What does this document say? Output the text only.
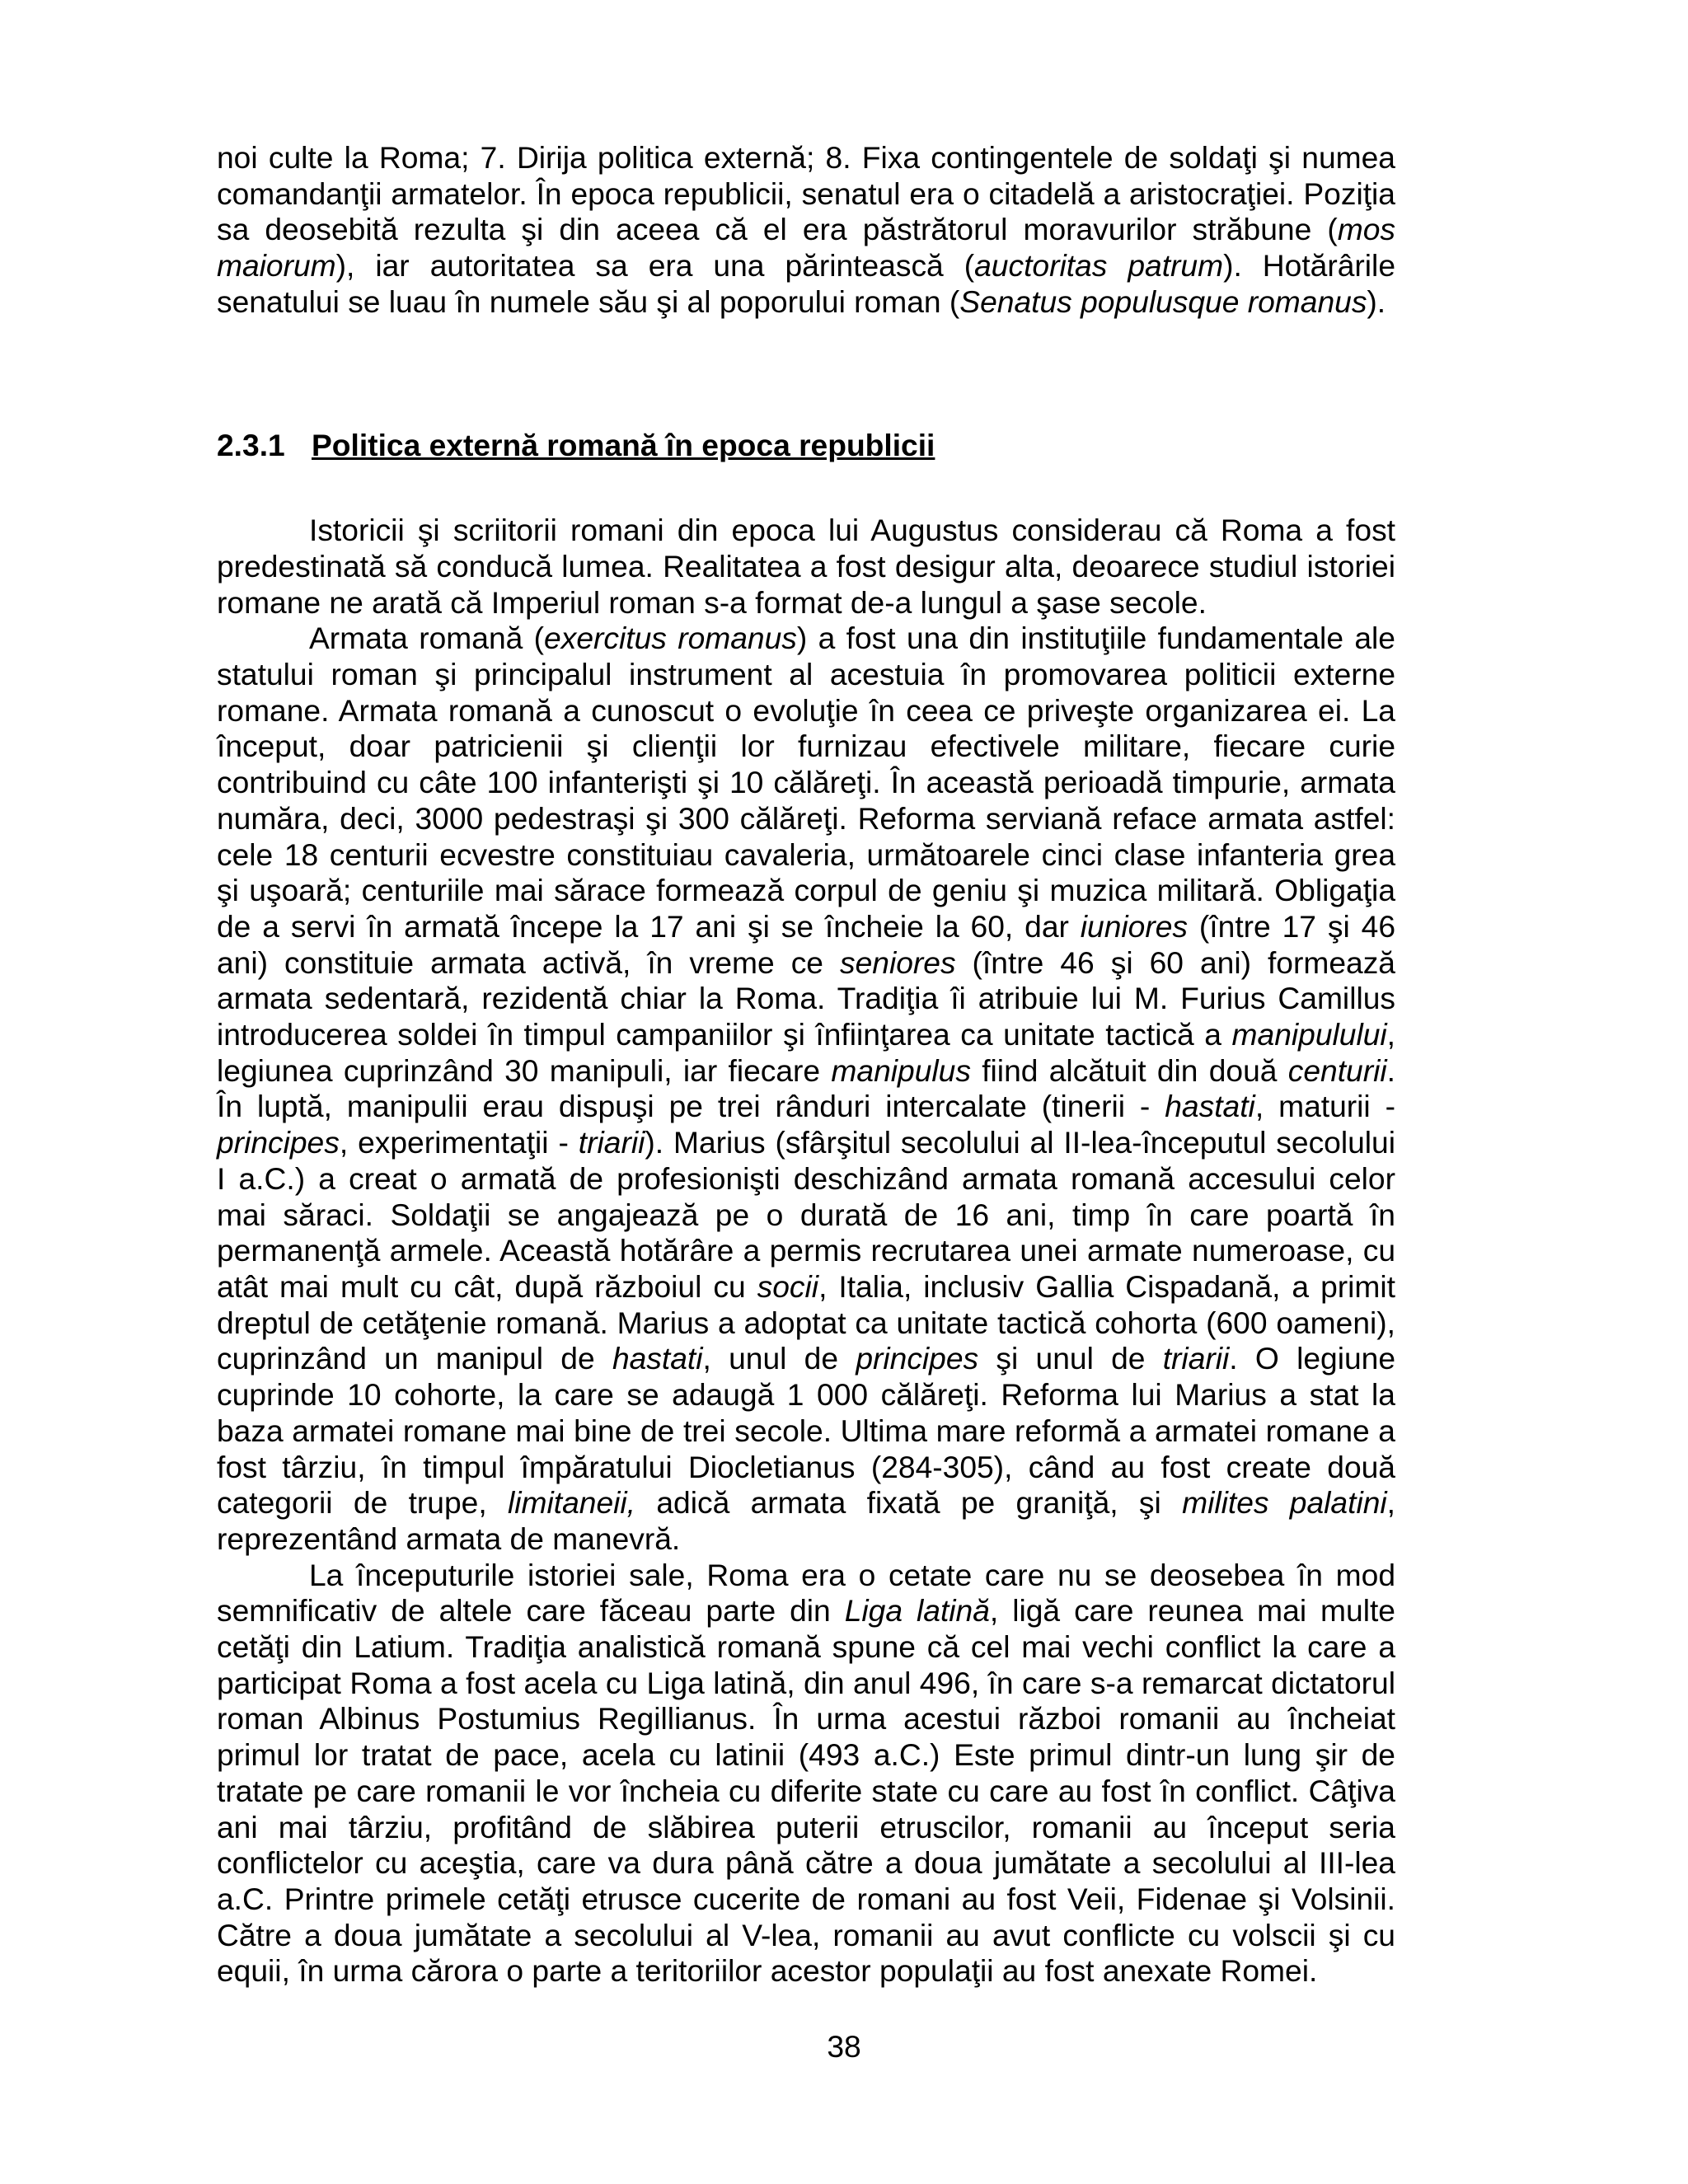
noi culte la Roma; 7. Dirija politica externă; 8. Fixa contingentele de soldaţi şi numea comandanţii armatelor. În epoca republicii, senatul era o citadelă a aristocraţiei. Poziţia sa deosebită rezulta şi din aceea că el era păstrătorul moravurilor străbune (mos maiorum), iar autoritatea sa era una părintească (auctoritas patrum). Hotărârile senatului se luau în numele său şi al poporului roman (Senatus populusque romanus).

2.3.1 Politica externă romană în epoca republicii

Istoricii şi scriitorii romani din epoca lui Augustus considerau că Roma a fost predestinată să conducă lumea. Realitatea a fost desigur alta, deoarece studiul istoriei romane ne arată că Imperiul roman s-a format de-a lungul a şase secole.

Armata romană (exercitus romanus) a fost una din instituţiile fundamentale ale statului roman şi principalul instrument al acestuia în promovarea politicii externe romane. Armata romană a cunoscut o evoluţie în ceea ce priveşte organizarea ei. La început, doar patricienii şi clienţii lor furnizau efectivele militare, fiecare curie contribuind cu câte 100 infanterişti şi 10 călăreţi. În această perioadă timpurie, armata număra, deci, 3000 pedestraşi şi 300 călăreţi. Reforma serviană reface armata astfel: cele 18 centurii ecvestre constituiau cavaleria, următoarele cinci clase infanteria grea şi uşoară; centuriile mai sărace formează corpul de geniu şi muzica militară. Obligaţia de a servi în armată începe la 17 ani şi se încheie la 60, dar iuniores (între 17 şi 46 ani) constituie armata activă, în vreme ce seniores (între 46 şi 60 ani) formează armata sedentară, rezidentă chiar la Roma. Tradiţia îi atribuie lui M. Furius Camillus introducerea soldei în timpul campaniilor şi înfiinţarea ca unitate tactică a manipulului, legiunea cuprinzând 30 manipuli, iar fiecare manipulus fiind alcătuit din două centurii. În luptă, manipulii erau dispuşi pe trei rânduri intercalate (tinerii - hastati, maturii - principes, experimentaţii - triarii). Marius (sfârşitul secolului al II-lea-începutul secolului I a.C.) a creat o armată de profesionişti deschizând armata romană accesului celor mai săraci. Soldaţii se angajează pe o durată de 16 ani, timp în care poartă în permanenţă armele. Această hotărâre a permis recrutarea unei armate numeroase, cu atât mai mult cu cât, după războiul cu socii, Italia, inclusiv Gallia Cispadană, a primit dreptul de cetăţenie romană. Marius a adoptat ca unitate tactică cohorta (600 oameni), cuprinzând un manipul de hastati, unul de principes şi unul de triarii. O legiune cuprinde 10 cohorte, la care se adaugă 1 000 călăreţi. Reforma lui Marius a stat la baza armatei romane mai bine de trei secole. Ultima mare reformă a armatei romane a fost târziu, în timpul împăratului Diocletianus (284-305), când au fost create două categorii de trupe, limitaneii, adică armata fixată pe graniţă, şi milites palatini, reprezentând armata de manevră.

La începuturile istoriei sale, Roma era o cetate care nu se deosebea în mod semnificativ de altele care făceau parte din Liga latină, ligă care reunea mai multe cetăţi din Latium. Tradiţia analistică romană spune că cel mai vechi conflict la care a participat Roma a fost acela cu Liga latină, din anul 496, în care s-a remarcat dictatorul roman Albinus Postumius Regillianus. În urma acestui război romanii au încheiat primul lor tratat de pace, acela cu latinii (493 a.C.) Este primul dintr-un lung şir de tratate pe care romanii le vor încheia cu diferite state cu care au fost în conflict. Câţiva ani mai târziu, profitând de slăbirea puterii etruscilor, romanii au început seria conflictelor cu aceştia, care va dura până către a doua jumătate a secolului al III-lea a.C. Printre primele cetăţi etrusce cucerite de romani au fost Veii, Fidenae şi Volsinii. Către a doua jumătate a secolului al V-lea, romanii au avut conflicte cu volscii şi cu equii, în urma cărora o parte a teritoriilor acestor populaţii au fost anexate Romei.

38
